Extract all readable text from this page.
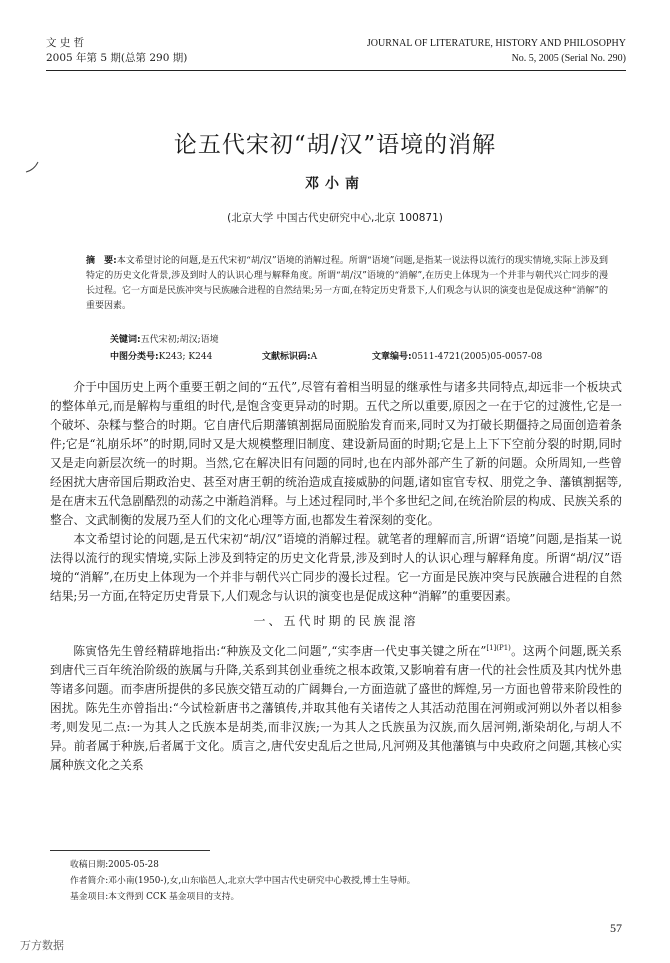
文 史 哲
2005 年第 5 期(总第 290 期)
JOURNAL OF LITERATURE, HISTORY AND PHILOSOPHY
No. 5, 2005 (Serial No. 290)
论五代宋初“胡/汉”语境的消解
邓小南
(北京大学 中国古代史研究中心,北京 100871)
摘　要:本文希望讨论的问题,是五代宋初“胡/汉”语境的消解过程。所谓“语境”问题,是指某一说法得以流行的现实情境,实际上涉及到特定的历史文化背景,涉及到时人的认识心理与解释角度。所谓“胡/汉”语境的“消解”,在历史上体现为一个并非与朝代兴亡同步的漫长过程。它一方面是民族冲突与民族融合进程的自然结果;另一方面,在特定历史背景下,人们观念与认识的演变也是促成这种“消解”的重要因素。
关键词:五代宋初;胡汉;语境
中图分类号:K243; K244	文献标识码:A	文章编号:0511-4721(2005)05-0057-08

介于中国历史上两个重要王朝之间的“五代”,尽管有着相当明显的继承性与诸多共同特点,却远非一个板块式的整体单元,而是解构与重组的时代,是饱含变更异动的时期。五代之所以重要,原因之一在于它的过渡性,它是一个破坏、杂糅与整合的时期。它自唐代后期藩镇割据局面脱胎发育而来,同时又为打破长期僵持之局面创造着条件;它是“礼崩乐坏”的时期,同时又是大规模整理旧制度、建设新局面的时期;它是上上下下空前分裂的时期,同时又是走向新层次统一的时期。当然,它在解决旧有问题的同时,也在内部外部产生了新的问题。众所周知,一些曾经困扰大唐帝国后期政治史、甚至对唐王朝的统治造成直接威胁的问题,诸如宦官专权、朋党之争、藩镇割据等,是在唐末五代急剧酷烈的动荡之中渐趋消释。与上述过程同时,半个多世纪之间,在统治阶层的构成、民族关系的整合、文武制衡的发展乃至人们的文化心理等方面,也都发生着深刻的变化。

本文希望讨论的问题,是五代宋初“胡/汉”语境的消解过程。就笔者的理解而言,所谓“语境”问题,是指某一说法得以流行的现实情境,实际上涉及到特定的历史文化背景,涉及到时人的认识心理与解释角度。所谓“胡/汉”语境的“消解”,在历史上体现为一个并非与朝代兴亡同步的漫长过程。它一方面是民族冲突与民族融合进程的自然结果;另一方面,在特定历史背景下,人们观念与认识的演变也是促成这种“消解”的重要因素。

一、五代时期的民族混溶

陈寅恪先生曾经精辟地指出:“种族及文化二问题”,“实李唐一代史事关键之所在”$^{[1](P1)}$。这两个问题,既关系到唐代三百年统治阶级的族属与升降,关系到其创业垂统之根本政策,又影响着有唐一代的社会性质及其内忧外患等诸多问题。而李唐所提供的多民族交错互动的广阔舞台,一方面造就了盛世的辉煌,另一方面也曾带来阶段性的困扰。陈先生亦曾指出:“今试检新唐书之藩镇传,并取其他有关诸传之人其活动范围在河朔或河朔以外者以相参考,则发见二点:一为其人之氏族本是胡类,而非汉族;一为其人之氏族虽为汉族,而久居河朔,渐染胡化,与胡人不异。前者属于种族,后者属于文化。质言之,唐代安史乱后之世局,凡河朔及其他藩镇与中央政府之问题,其核心实属种族文化之关系

收稿日期:2005-05-28
作者简介:邓小南(1950-),女,山东临邑人,北京大学中国古代史研究中心教授,博士生导师。
基金项目:本文得到 CCK 基金项目的支持。
57
万方数据
